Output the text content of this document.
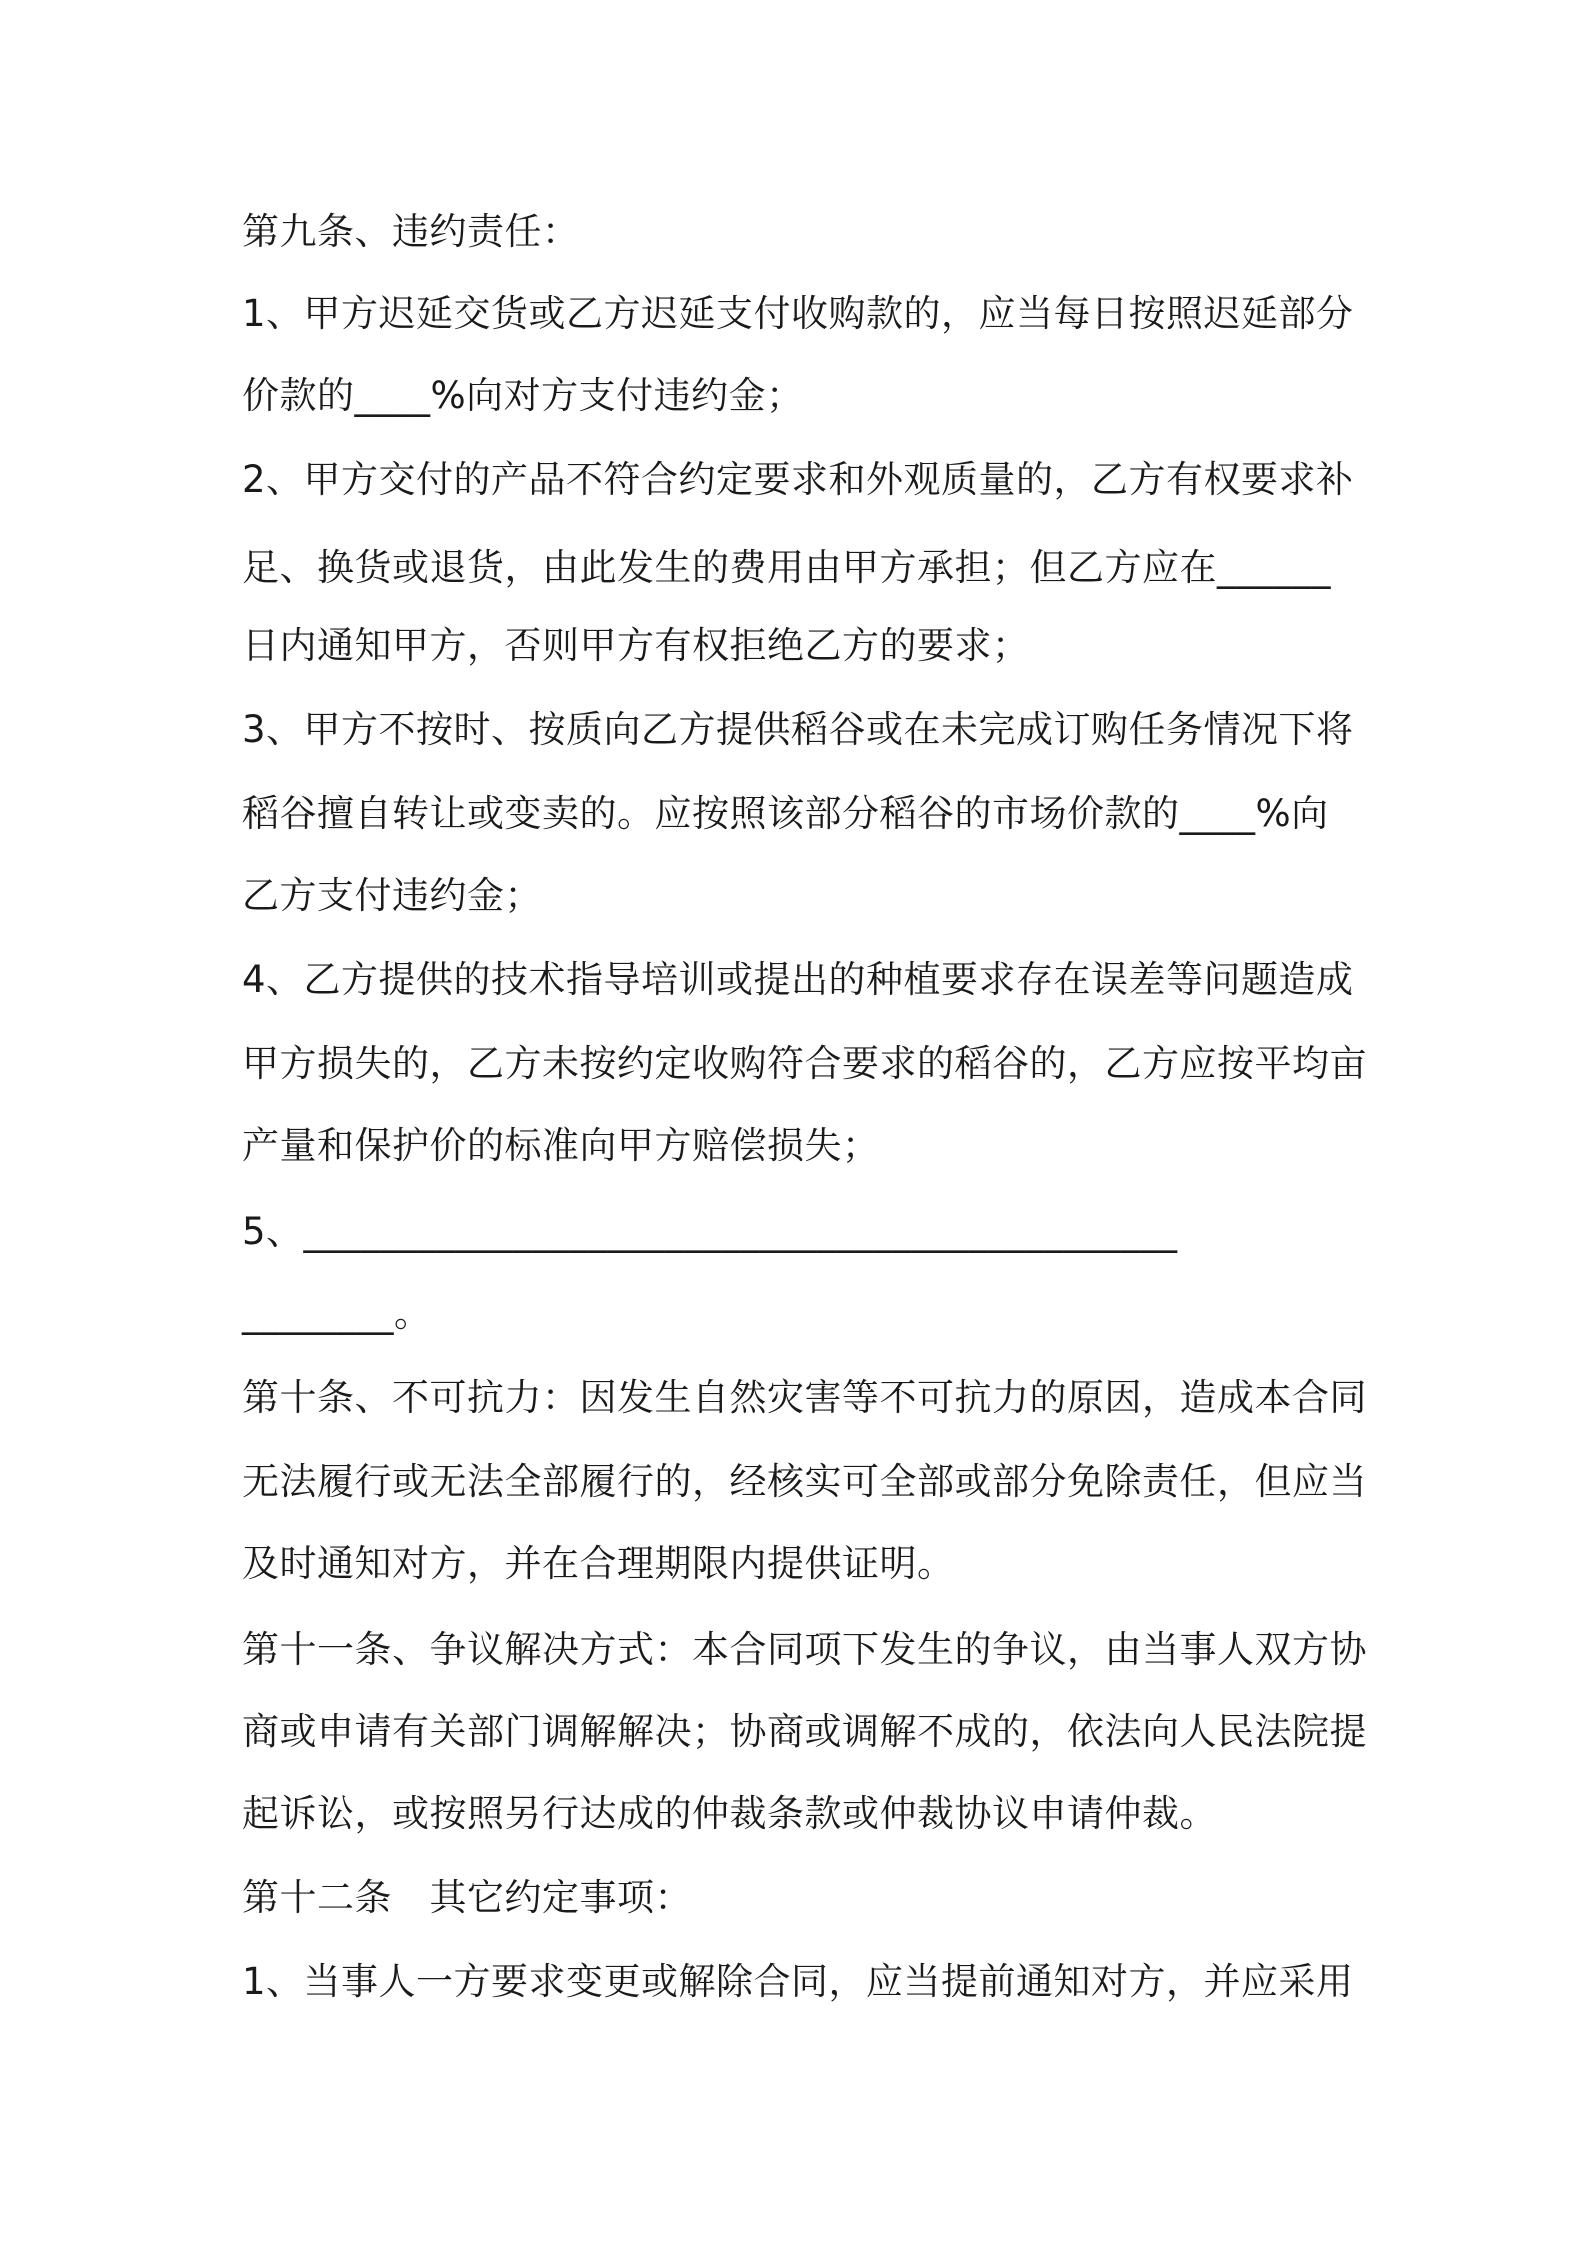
第九条、违约责任：
1、甲方迟延交货或乙方迟延支付收购款的，应当每日按照迟延部分
价款的____%向对方支付违约金；
2、甲方交付的产品不符合约定要求和外观质量的，乙方有权要求补
足、换货或退货，由此发生的费用由甲方承担；但乙方应在______
日内通知甲方，否则甲方有权拒绝乙方的要求；
3、甲方不按时、按质向乙方提供稻谷或在未完成订购任务情况下将
稻谷擅自转让或变卖的。应按照该部分稻谷的市场价款的____%向
乙方支付违约金；
4、乙方提供的技术指导培训或提出的种植要求存在误差等问题造成
甲方损失的，乙方未按约定收购符合要求的稻谷的，乙方应按平均亩
产量和保护价的标准向甲方赔偿损失；
5、______________________________________________
________。
第十条、不可抗力：因发生自然灾害等不可抗力的原因，造成本合同
无法履行或无法全部履行的，经核实可全部或部分免除责任，但应当
及时通知对方，并在合理期限内提供证明。
第十一条、争议解决方式：本合同项下发生的争议，由当事人双方协
商或申请有关部门调解解决；协商或调解不成的，依法向人民法院提
起诉讼，或按照另行达成的仲裁条款或仲裁协议申请仲裁。
第十二条　其它约定事项：
1、当事人一方要求变更或解除合同，应当提前通知对方，并应采用
